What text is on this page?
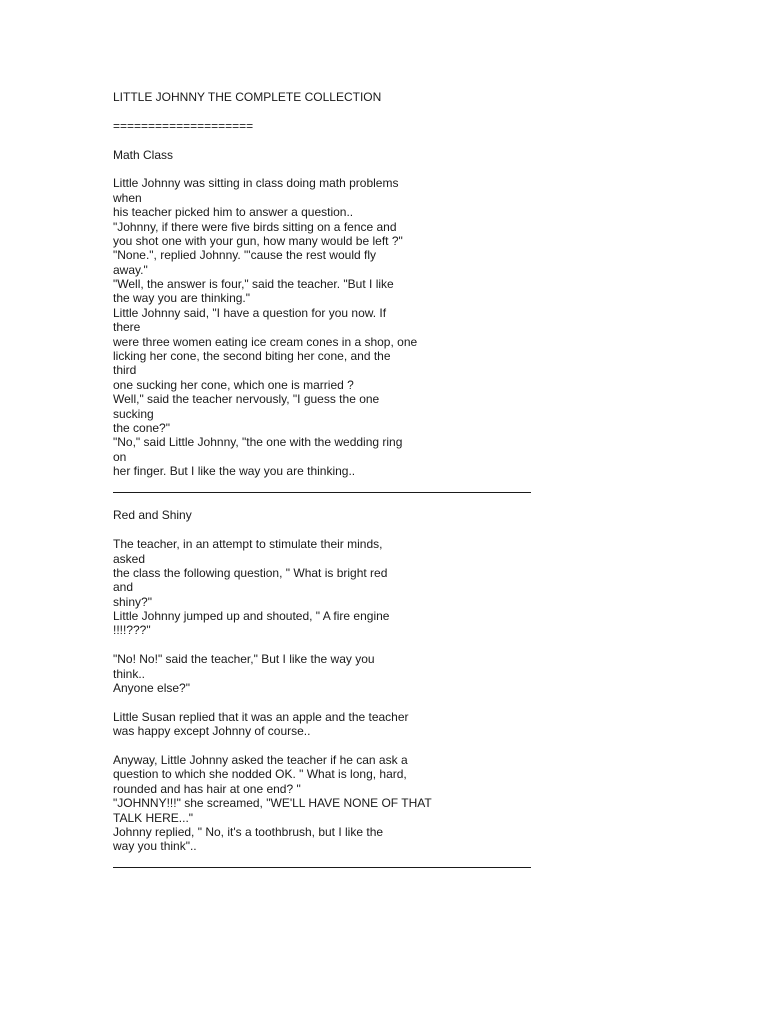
LITTLE JOHNNY THE COMPLETE COLLECTION
====================
Math Class
Little Johnny was sitting in class doing math problems
when
his teacher picked him to answer a question..
"Johnny, if there were five birds sitting on a fence and
you shot one with your gun, how many would be left ?"
"None.", replied Johnny. "'cause the rest would fly
away."
"Well, the answer is four," said the teacher. "But I like
the way you are thinking."
Little Johnny said, "I have a question for you now. If
there
were three women eating ice cream cones in a shop, one
licking her cone, the second biting her cone, and the
third
one sucking her cone, which one is married ?
Well," said the teacher nervously, "I guess the one
sucking
the cone?"
"No," said Little Johnny, "the one with the wedding ring
on
her finger. But I like the way you are thinking..
Red and Shiny
The teacher, in an attempt to stimulate their minds,
asked
the class the following question, " What is bright red
and
shiny?"
Little Johnny jumped up and shouted, " A fire engine
!!!!???"
"No! No!" said the teacher," But I like the way you
think..
Anyone else?"
Little Susan replied that it was an apple and the teacher
was happy except Johnny of course..
Anyway, Little Johnny asked the teacher if he can ask a
question to which she nodded OK. " What is long, hard,
rounded and has hair at one end? "
"JOHNNY!!!" she screamed, "WE'LL HAVE NONE OF THAT
TALK HERE..."
Johnny replied, " No, it's a toothbrush, but I like the
way you think"..
